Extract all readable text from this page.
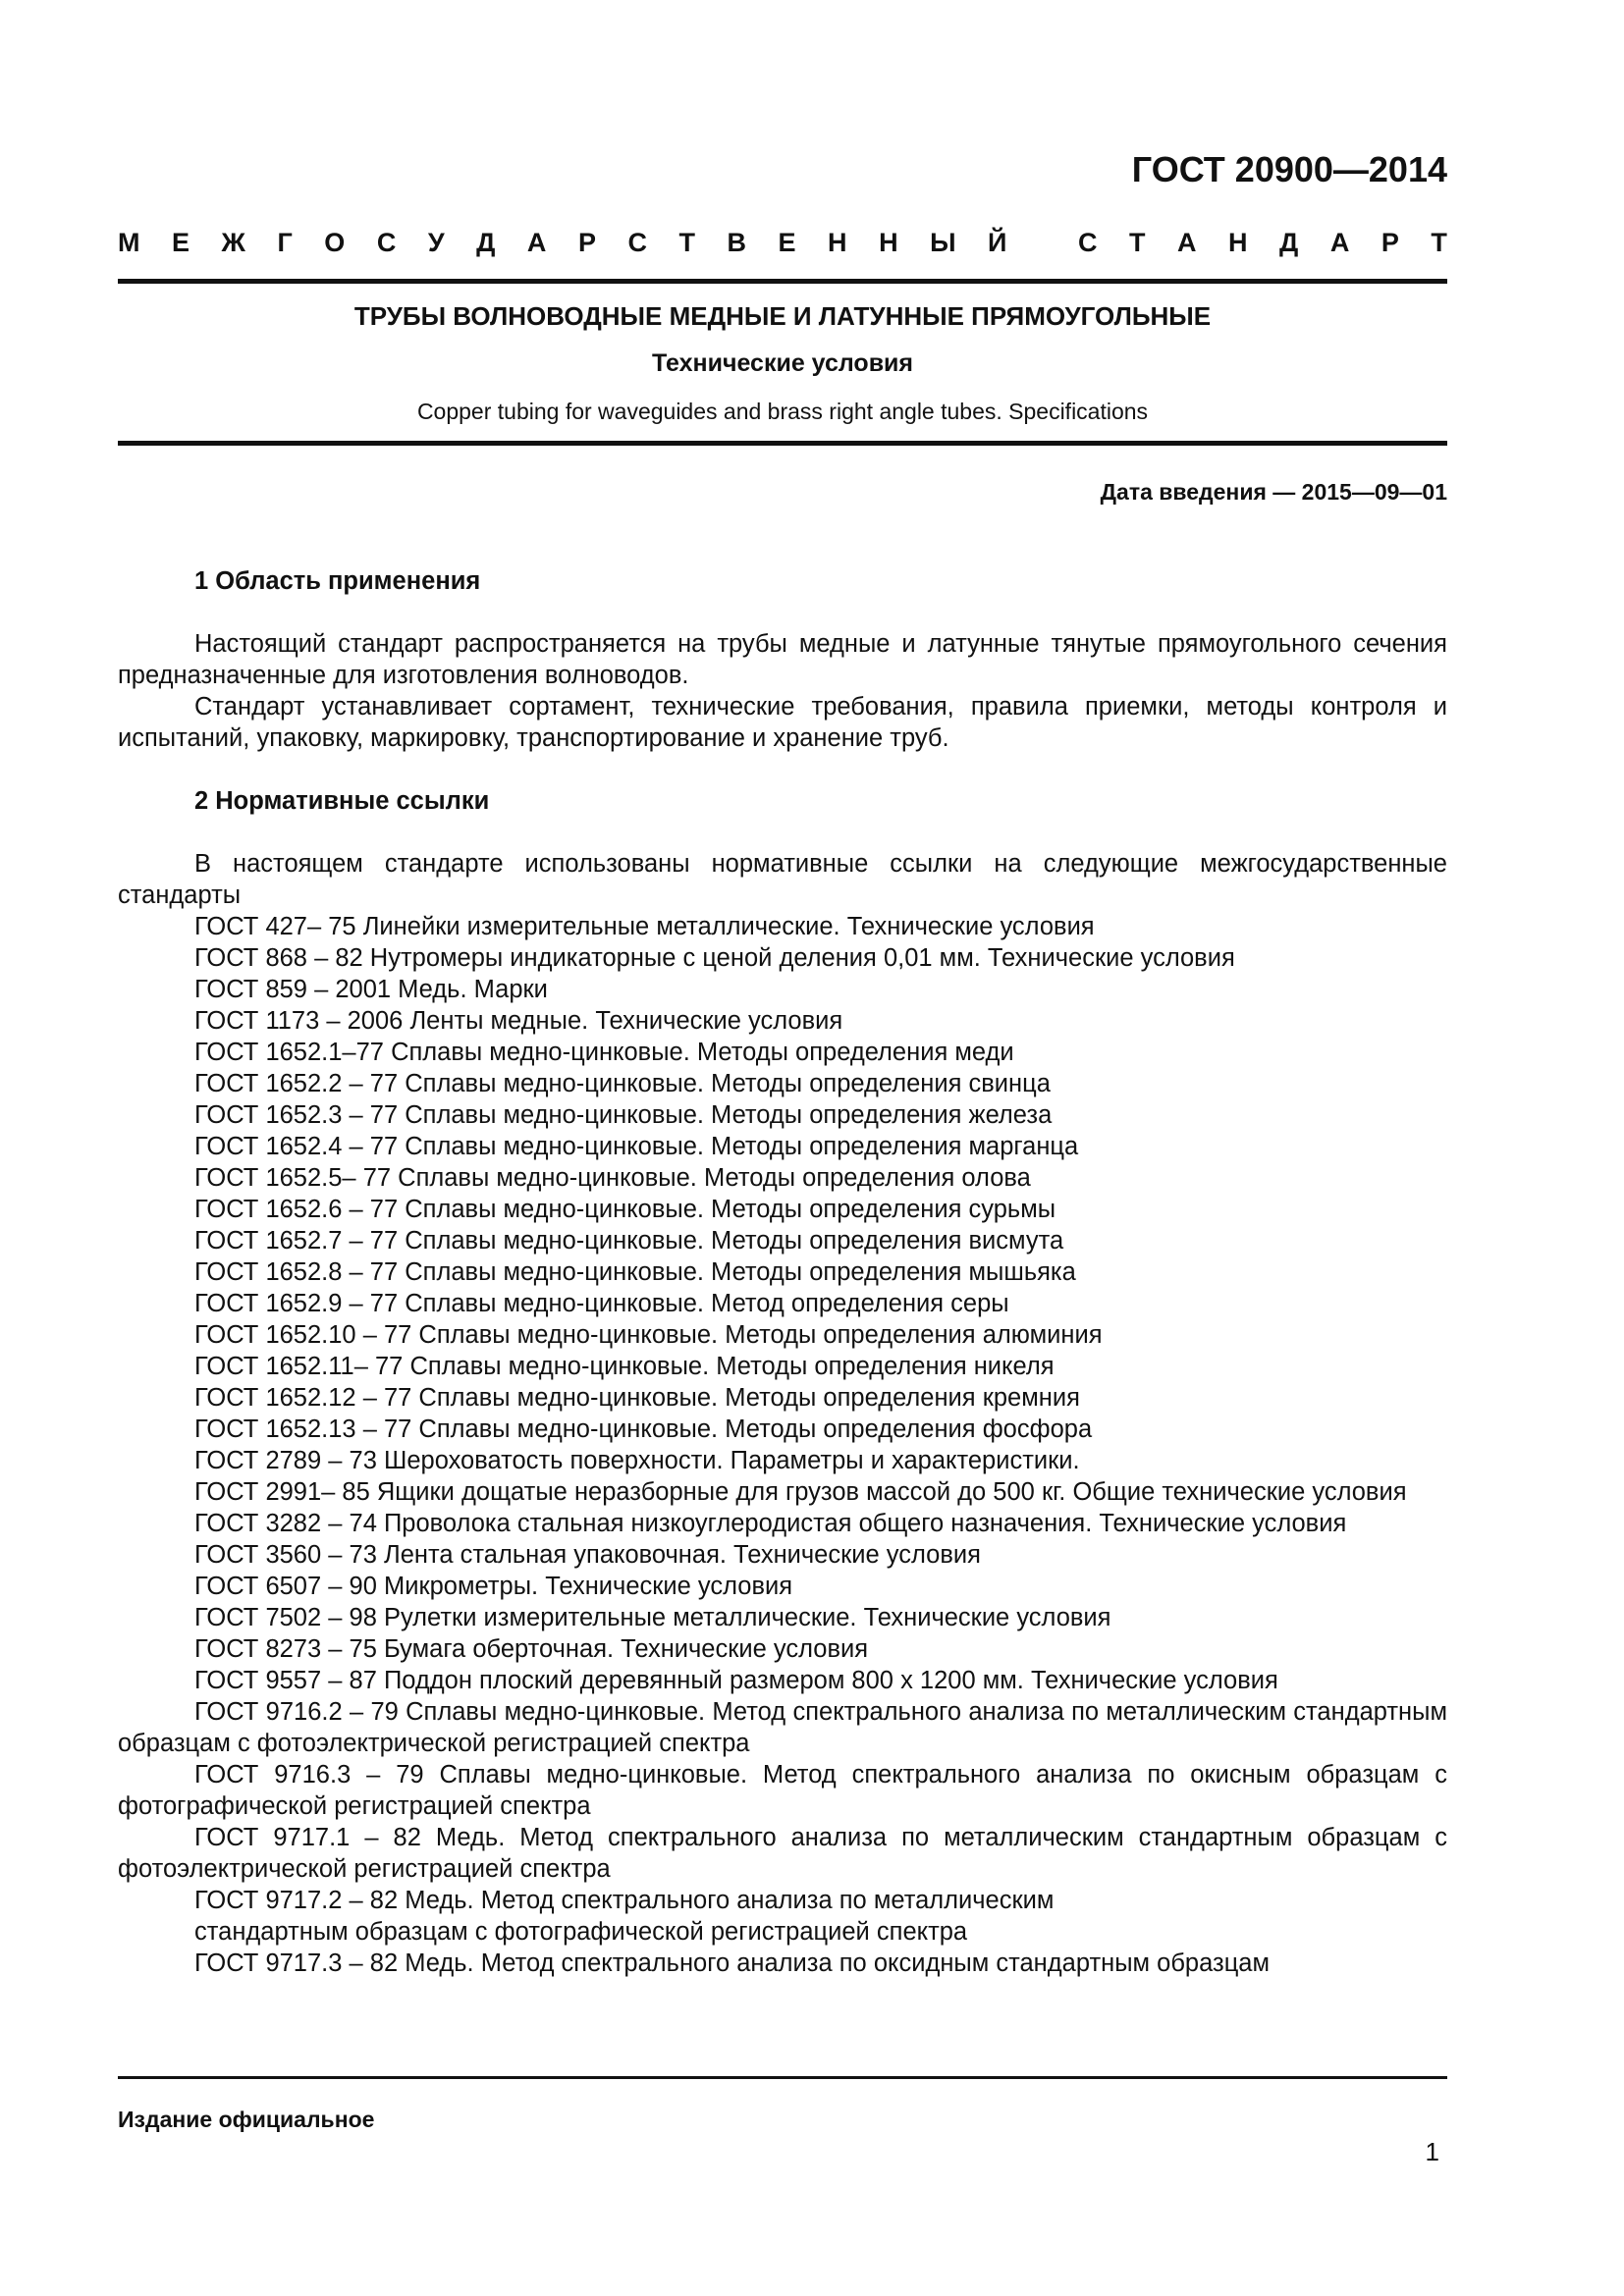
ГОСТ 20900—2014
М Е Ж Г О С У Д А Р С Т В Е Н Н Ы Й
	С Т А Н Д А Р Т
ТРУБЫ ВОЛНОВОДНЫЕ МЕДНЫЕ И ЛАТУННЫЕ ПРЯМОУГОЛЬНЫЕ
Технические условия
Copper tubing for waveguides and brass right angle tubes. Specifications
Дата введения — 2015—09—01

1 Область применения

Настоящий стандарт распространяется на трубы медные и латунные тянутые прямоугольного сечения предназначенные для изготовления волноводов.

Стандарт устанавливает сортамент, технические требования, правила приемки, методы контроля и испытаний, упаковку, маркировку, транспортирование и хранение труб.

2 Нормативные ссылки

В настоящем стандарте использованы нормативные ссылки на следующие межгосударственные стандарты

ГОСТ 427– 75 Линейки измерительные металлические. Технические условия

ГОСТ 868 – 82 Нутромеры индикаторные с ценой деления 0,01 мм. Технические условия

ГОСТ 859 – 2001 Медь. Марки

ГОСТ 1173 – 2006 Ленты медные. Технические условия

ГОСТ 1652.1–77 Сплавы медно-цинковые. Методы определения меди

ГОСТ 1652.2 – 77 Сплавы медно-цинковые. Методы определения свинца

ГОСТ 1652.3 – 77 Сплавы медно-цинковые. Методы определения железа

ГОСТ 1652.4 – 77 Сплавы медно-цинковые. Методы определения марганца

ГОСТ 1652.5– 77 Сплавы медно-цинковые. Методы определения олова

ГОСТ 1652.6 – 77 Сплавы медно-цинковые. Методы определения сурьмы

ГОСТ 1652.7 – 77 Сплавы медно-цинковые. Методы определения висмута

ГОСТ 1652.8 – 77 Сплавы медно-цинковые. Методы определения мышьяка

ГОСТ 1652.9 – 77 Сплавы медно-цинковые. Метод определения серы

ГОСТ 1652.10 – 77 Сплавы медно-цинковые. Методы определения алюминия

ГОСТ 1652.11– 77 Сплавы медно-цинковые. Методы определения никеля

ГОСТ 1652.12 – 77 Сплавы медно-цинковые. Методы определения кремния

ГОСТ 1652.13 – 77 Сплавы медно-цинковые. Методы определения фосфора

ГОСТ 2789 – 73 Шероховатость поверхности. Параметры и характеристики.

ГОСТ 2991– 85 Ящики дощатые неразборные для грузов массой до 500 кг. Общие технические условия

ГОСТ 3282 – 74 Проволока стальная низкоуглеродистая общего назначения. Технические условия

ГОСТ 3560 – 73 Лента стальная упаковочная. Технические условия

ГОСТ 6507 – 90 Микрометры. Технические условия

ГОСТ 7502 – 98 Рулетки измерительные металлические. Технические условия

ГОСТ 8273 – 75 Бумага оберточная. Технические условия

ГОСТ 9557 – 87 Поддон плоский деревянный размером 800 х 1200 мм. Технические условия

ГОСТ 9716.2 – 79 Сплавы медно-цинковые. Метод спектрального анализа по металлическим стандартным образцам с фотоэлектрической регистрацией спектра

ГОСТ 9716.3 – 79 Сплавы медно-цинковые. Метод спектрального анализа по окисным образцам с фотографической регистрацией спектра

ГОСТ 9717.1 – 82 Медь. Метод спектрального анализа по металлическим стандартным образцам с фотоэлектрической регистрацией спектра

ГОСТ 9717.2 – 82 Медь. Метод спектрального анализа по металлическим

стандартным образцам с фотографической регистрацией спектра

ГОСТ 9717.3 – 82 Медь. Метод спектрального анализа по оксидным стандартным образцам

Издание официальное
1
